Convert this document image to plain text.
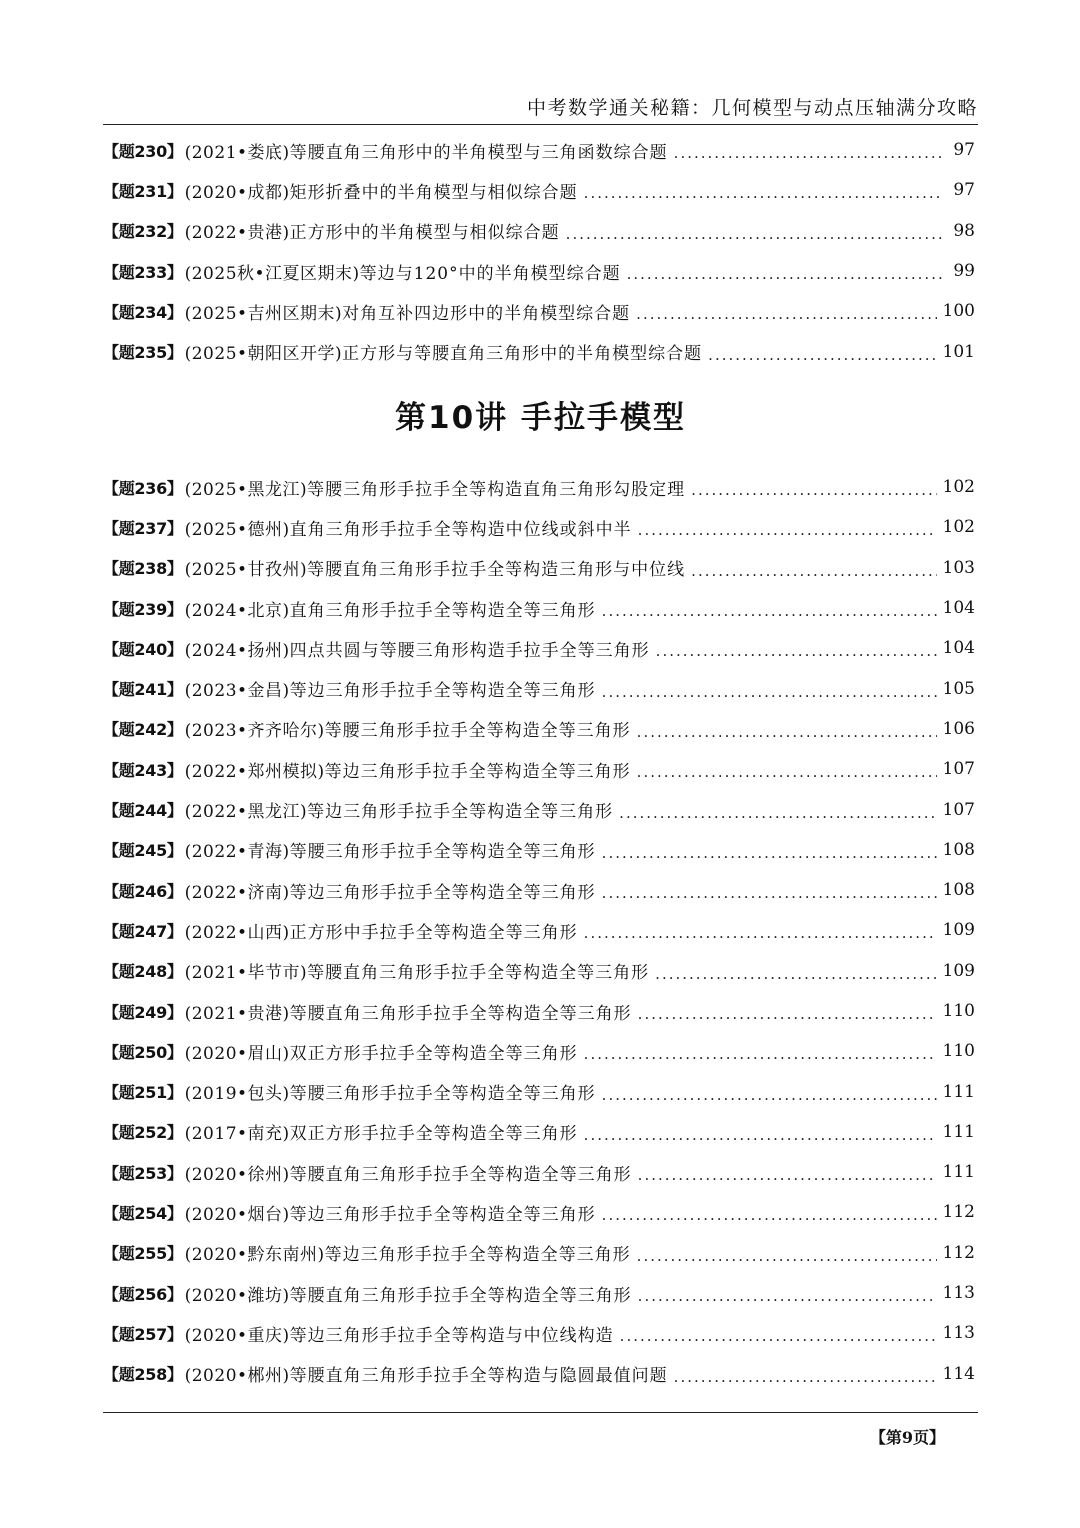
中考数学通关秘籍：几何模型与动点压轴满分攻略
【题230】 (2021•娄底) 等腰直角三角形中的半角模型与三角函数综合题 .....	97
【题231】 (2020•成都) 矩形折叠中的半角模型与相似综合题 .....	97
【题232】 (2022•贵港) 正方形中的半角模型与相似综合题 .....	98
【题233】 (2025秋•江夏区期末) 等边与120°中的半角模型综合题 .....	99
【题234】 (2025•吉州区期末) 对角互补四边形中的半角模型综合题 .....	100
【题235】 (2025•朝阳区开学) 正方形与等腰直角三角形中的半角模型综合题 .....	101
第10讲 手拉手模型
【题236】 (2025•黑龙江) 等腰三角形手拉手全等构造直角三角形勾股定理 .....	102
【题237】 (2025•德州) 直角三角形手拉手全等构造中位线或斜中半 .....	102
【题238】 (2025•甘孜州) 等腰直角三角形手拉手全等构造三角形与中位线 .....	103
【题239】 (2024•北京) 直角三角形手拉手全等构造全等三角形 .....	104
【题240】 (2024•扬州) 四点共圆与等腰三角形构造手拉手全等三角形 .....	104
【题241】 (2023•金昌) 等边三角形手拉手全等构造全等三角形 .....	105
【题242】 (2023•齐齐哈尔) 等腰三角形手拉手全等构造全等三角形 .....	106
【题243】 (2022•郑州模拟) 等边三角形手拉手全等构造全等三角形 .....	107
【题244】 (2022•黑龙江) 等边三角形手拉手全等构造全等三角形 .....	107
【题245】 (2022•青海) 等腰三角形手拉手全等构造全等三角形 .....	108
【题246】 (2022•济南) 等边三角形手拉手全等构造全等三角形 .....	108
【题247】 (2022•山西) 正方形中手拉手全等构造全等三角形 .....	109
【题248】 (2021•毕节市) 等腰直角三角形手拉手全等构造全等三角形 .....	109
【题249】 (2021•贵港) 等腰直角三角形手拉手全等构造全等三角形 .....	110
【题250】 (2020•眉山) 双正方形手拉手全等构造全等三角形 .....	110
【题251】 (2019•包头) 等腰三角形手拉手全等构造全等三角形 .....	111
【题252】 (2017•南充) 双正方形手拉手全等构造全等三角形 .....	111
【题253】 (2020•徐州) 等腰直角三角形手拉手全等构造全等三角形 .....	111
【题254】 (2020•烟台) 等边三角形手拉手全等构造全等三角形 .....	112
【题255】 (2020•黔东南州) 等边三角形手拉手全等构造全等三角形 .....	112
【题256】 (2020•潍坊) 等腰直角三角形手拉手全等构造全等三角形 .....	113
【题257】 (2020•重庆) 等边三角形手拉手全等构造与中位线构造 .....	113
【题258】 (2020•郴州) 等腰直角三角形手拉手全等构造与隐圆最值问题 .....	114
【第9页】
